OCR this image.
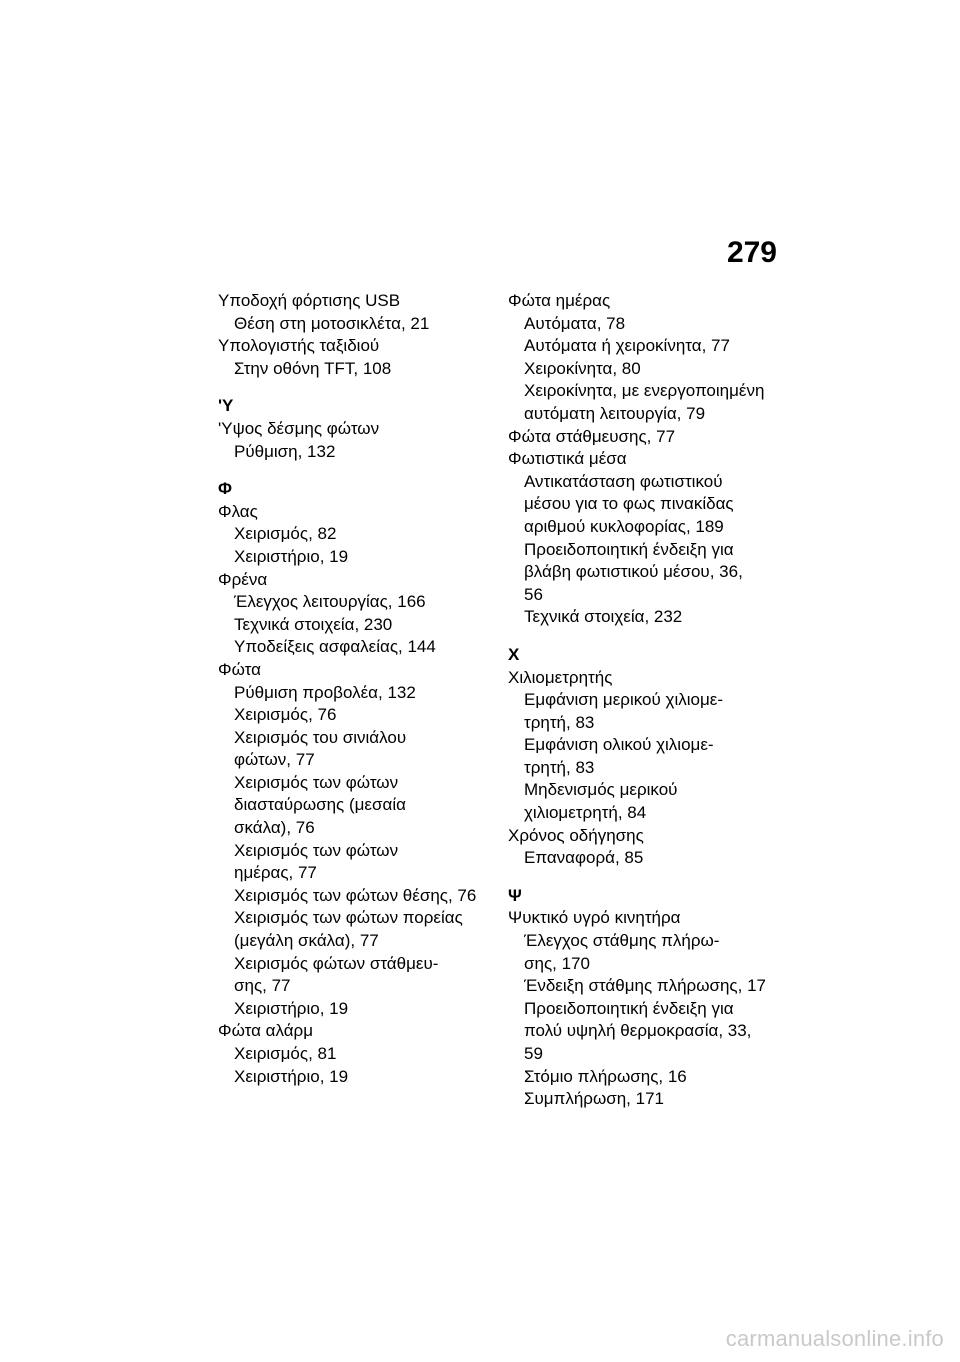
279
Υποδοχή φόρτισης USB
Θέση στη μοτοσικλέτα, 21
Υπολογιστής ταξιδιού
Στην οθόνη TFT, 108
'Υ
'Υψος δέσμης φώτων
Ρύθμιση, 132
Φ
Φλας
Χειρισμός, 82
Χειριστήριο, 19
Φρένα
Έλεγχος λειτουργίας, 166
Τεχνικά στοιχεία, 230
Υποδείξεις ασφαλείας, 144
Φώτα
Ρύθμιση προβολέα, 132
Χειρισμός, 76
Χειρισμός του σινιάλου
φώτων, 77
Χειρισμός των φώτων
διασταύρωσης (μεσαία
σκάλα), 76
Χειρισμός των φώτων
ημέρας, 77
Χειρισμός των φώτων θέσης, 76
Χειρισμός των φώτων πορείας
(μεγάλη σκάλα), 77
Χειρισμός φώτων στάθμευ-
σης, 77
Χειριστήριο, 19
Φώτα αλάρμ
Χειρισμός, 81
Χειριστήριο, 19
Φώτα ημέρας
Αυτόματα, 78
Αυτόματα ή χειροκίνητα, 77
Χειροκίνητα, 80
Χειροκίνητα, με ενεργοποιημένη
αυτόματη λειτουργία, 79
Φώτα στάθμευσης, 77
Φωτιστικά μέσα
Αντικατάσταση φωτιστικού
μέσου για το φως πινακίδας
αριθμού κυκλοφορίας, 189
Προειδοποιητική ένδειξη για
βλάβη φωτιστικού μέσου, 36,
56
Τεχνικά στοιχεία, 232
Χ
Χιλιομετρητής
Εμφάνιση μερικού χιλιομε-
τρητή, 83
Εμφάνιση ολικού χιλιομε-
τρητή, 83
Μηδενισμός μερικού
χιλιομετρητή, 84
Χρόνος οδήγησης
Επαναφορά, 85
Ψ
Ψυκτικό υγρό κινητήρα
Έλεγχος στάθμης πλήρω-
σης, 170
Ένδειξη στάθμης πλήρωσης, 17
Προειδοποιητική ένδειξη για
πολύ υψηλή θερμοκρασία, 33,
59
Στόμιο πλήρωσης, 16
Συμπλήρωση, 171
carmanualsonline.info
